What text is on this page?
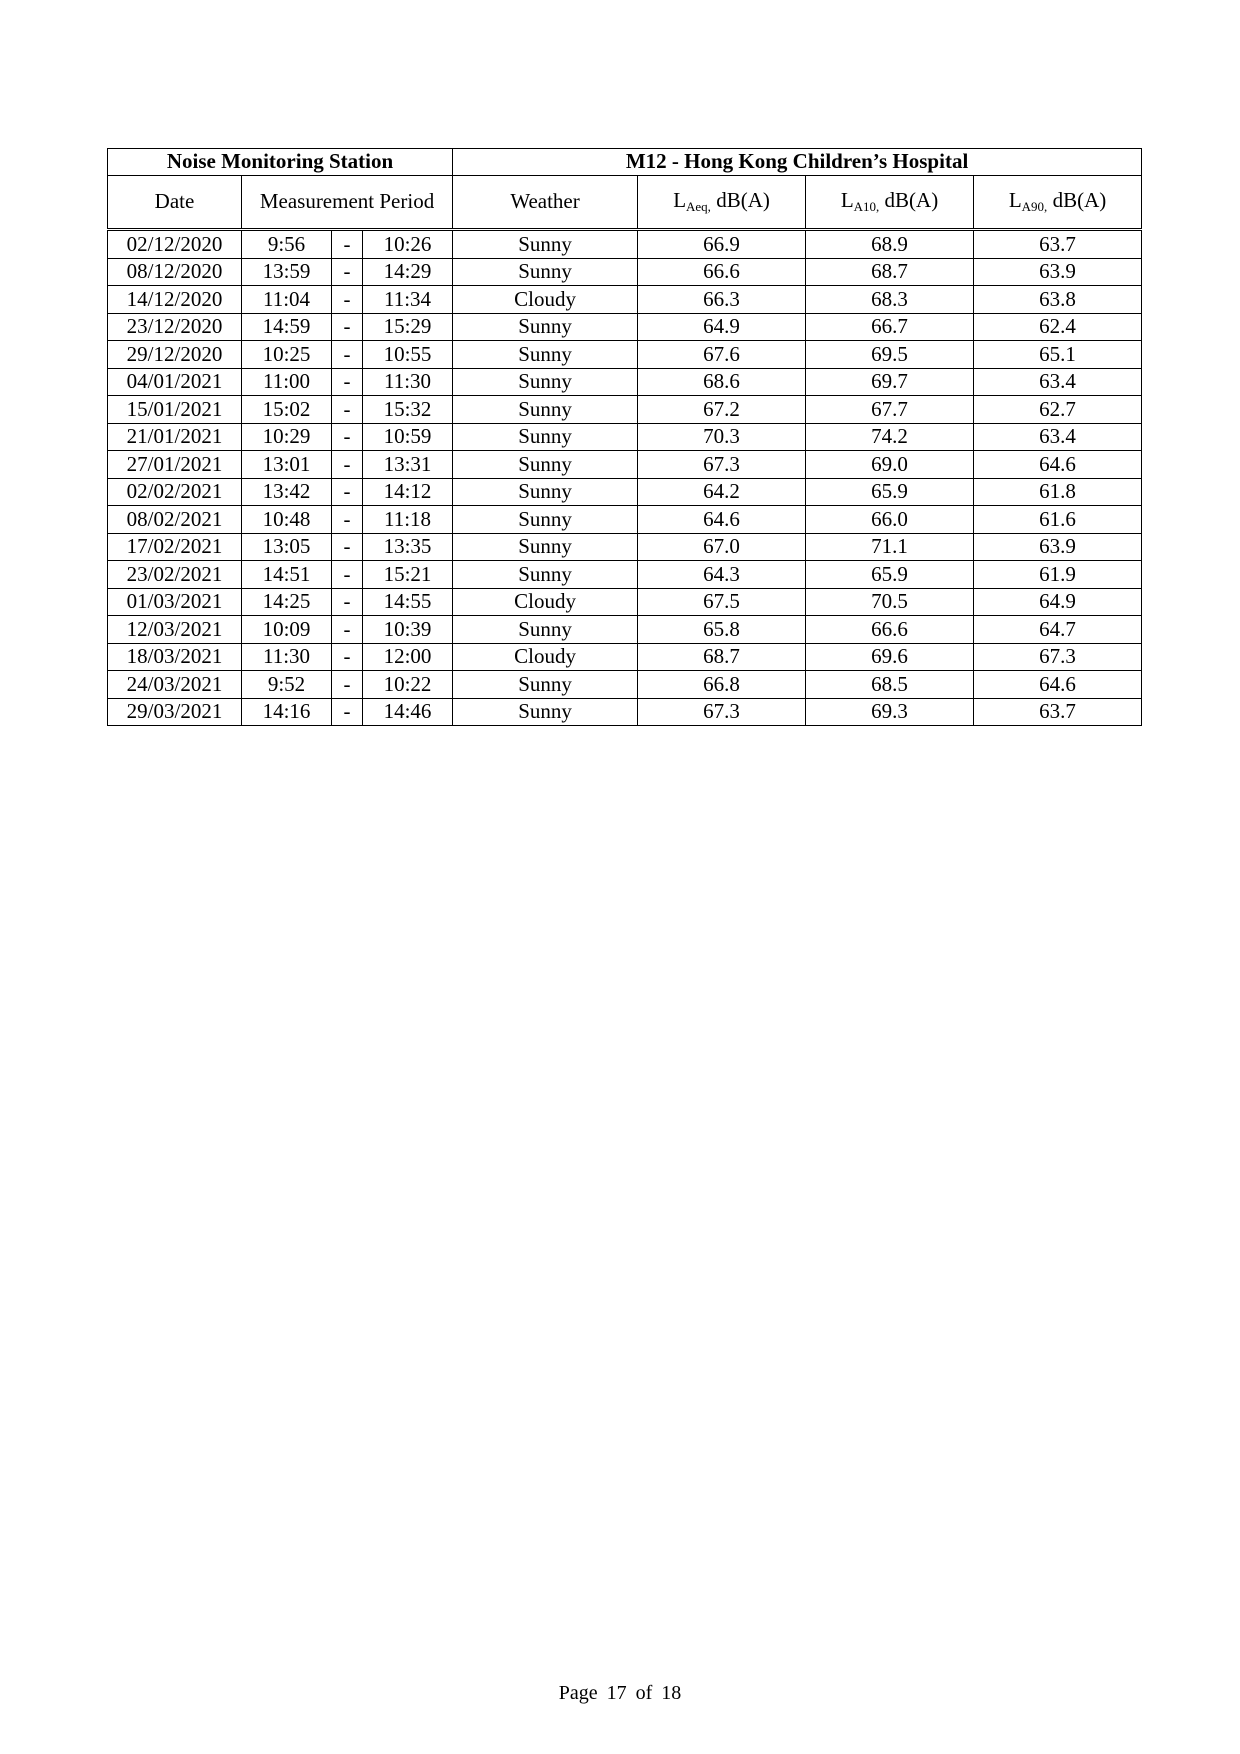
Noise Monitoring Station				M12 - Hong Kong Children’s Hospital			
Date	Measurement Period			Weather	$L_{Aeq,}$ dB(A)	$L_{A10,}$ dB(A)	$L_{A90,}$ dB(A)
02/12/2020	9:56	-	10:26	Sunny	66.9	68.9	63.7
08/12/2020	13:59	-	14:29	Sunny	66.6	68.7	63.9
14/12/2020	11:04	-	11:34	Cloudy	66.3	68.3	63.8
23/12/2020	14:59	-	15:29	Sunny	64.9	66.7	62.4
29/12/2020	10:25	-	10:55	Sunny	67.6	69.5	65.1
04/01/2021	11:00	-	11:30	Sunny	68.6	69.7	63.4
15/01/2021	15:02	-	15:32	Sunny	67.2	67.7	62.7
21/01/2021	10:29	-	10:59	Sunny	70.3	74.2	63.4
27/01/2021	13:01	-	13:31	Sunny	67.3	69.0	64.6
02/02/2021	13:42	-	14:12	Sunny	64.2	65.9	61.8
08/02/2021	10:48	-	11:18	Sunny	64.6	66.0	61.6
17/02/2021	13:05	-	13:35	Sunny	67.0	71.1	63.9
23/02/2021	14:51	-	15:21	Sunny	64.3	65.9	61.9
01/03/2021	14:25	-	14:55	Cloudy	67.5	70.5	64.9
12/03/2021	10:09	-	10:39	Sunny	65.8	66.6	64.7
18/03/2021	11:30	-	12:00	Cloudy	68.7	69.6	67.3
24/03/2021	9:52	-	10:22	Sunny	66.8	68.5	64.6
29/03/2021	14:16	-	14:46	Sunny	67.3	69.3	63.7
Page 17 of 18
